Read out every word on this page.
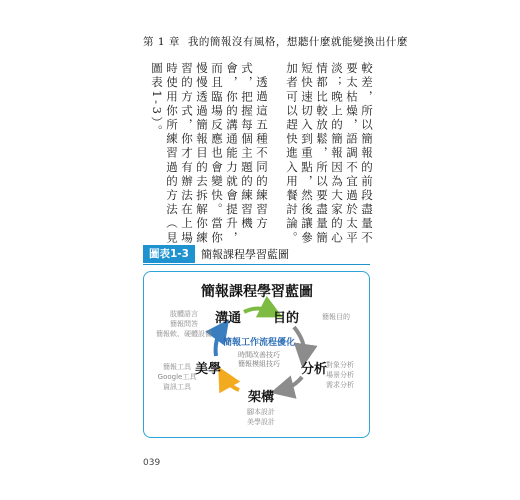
第 1 章 我的簡報沒有風格，想聽什麼就能變換出什麼
較差，所以簡報的前段盡量不
要太枯燥，語調不宜過於太平
淡；晚上的簡報因為大家的心
情都比較放鬆，所以要盡量簡
短快速切入到重點，然後讓參
加者可以趕快進入用餐討論。
透過這五種不同的練習方
式，把握每個主題的練習機
會，你的溝通能力就會提升，
而且臨場反應也會變快。當你
慢慢透過簡報目的去拆解你練
習的方式，你才有辦法在上場
時使用你所練習過的方法（見
圖表1-3）。
圖表1-3	簡報課程學習藍圖
簡報課程學習藍圖
溝通 目的
分析
架構
美學
簡報工作流程優化
時間改善技巧
簡報模組技巧
肢體語言
簡報問答
簡報軟、硬體設備
簡報目的
對象分析
場景分析
需求分析
簡報工具
Google工具
資訊工具
腳本設計
美學設計
039
